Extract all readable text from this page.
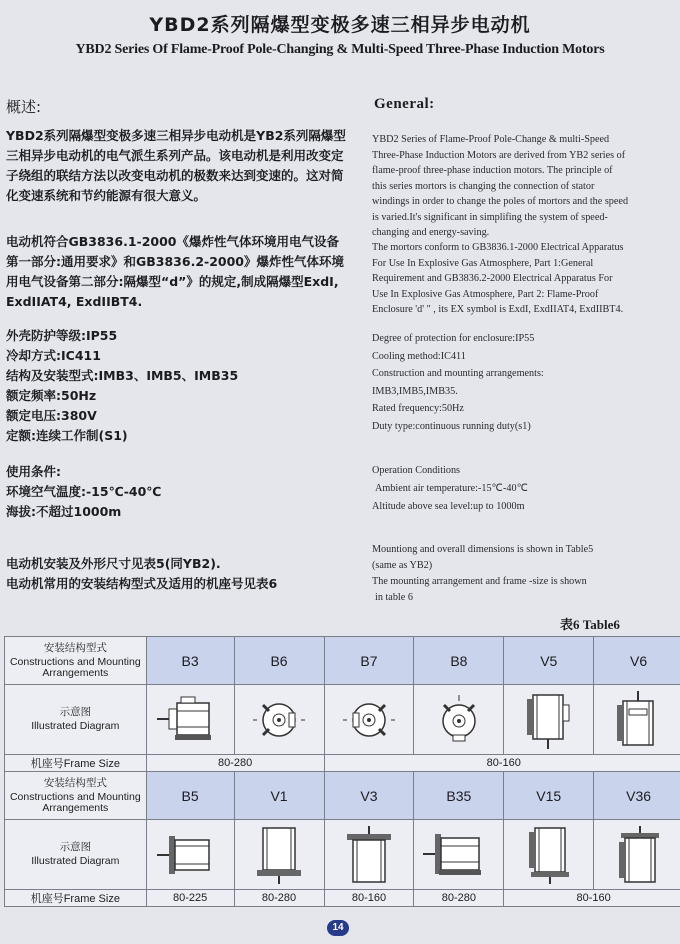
YBD2系列隔爆型变极多速三相异步电动机
YBD2 Series Of Flame-Proof Pole-Changing & Multi-Speed Three-Phase Induction Motors
概述:	General:

YBD2系列隔爆型变极多速三相异步电动机是YB2系列隔爆型三相异步电动机的电气派生系列产品。该电动机是利用改变定子绕组的联结方法以改变电动机的极数来达到变速的。这对简化变速系统和节约能源有很大意义。

电动机符合GB3836.1-2000《爆炸性气体环境用电气设备第一部分:通用要求》和GB3836.2-2000》爆炸性气体环境用电气设备第二部分:隔爆型“d”》的规定,制成隔爆型ExdI, ExdIIAT4, ExdIIBT4.

外壳防护等级:IP55

冷却方式:IC411

结构及安装型式:IMB3、IMB5、IMB35

额定频率:50Hz

额定电压:380V

定额:连续工作制(S1)

使用条件:

环境空气温度:-15℃-40℃

海拔:不超过1000m

电动机安装及外形尺寸见表5(同YB2).

电动机常用的安装结构型式及适用的机座号见表6

YBD2 Series of Flame-Proof Pole-Change & multi-Speed

Three-Phase Induction Motors are derived from YB2 series of

flame-proof three-phase induction motors. The principle of

this series mortors is changing the connection of stator

windings in order to change the poles of mortors and the speed

is varied.It's significant in simplifing the system of speed-

changing and energy-saving.

The mortors conform to GB3836.1-2000 Electrical Apparatus

For Use In Explosive Gas Atmosphere, Part 1:General

Requirement and GB3836.2-2000 Electrical Apparatus For

Use In Explosive Gas Atmosphere, Part 2: Flame-Proof

Enclosure 'd' " , its EX symbol is ExdI, ExdIIAT4, ExdIIBT4.

Degree of protection for enclosure:IP55

Cooling method:IC411

Construction and mounting arrangements:

IMB3,IMB5,IMB35.

Rated frequency:50Hz

Duty type:continuous running duty(s1)

Operation Conditions

Ambient air temperature:-15℃-40℃

Altitude above sea level:up to 1000m

Mountiong and overall dimensions is shown in Table5

(same as YB2)

The mounting arrangement and frame -size is shown

in table 6

表6 Table6
安装结构型式
Constructions and Mounting Arrangements	B3	B6	B7	B8	V5	V6

示意图
Illustrated Diagram

机座号Frame Size	80-280		80-160			

安装结构型式
Constructions and Mounting Arrangements	B5	V1	V3	B35	V15	V36

示意图
Illustrated Diagram

机座号Frame Size	80-225	80-280	80-160	80-280	80-160	
14
